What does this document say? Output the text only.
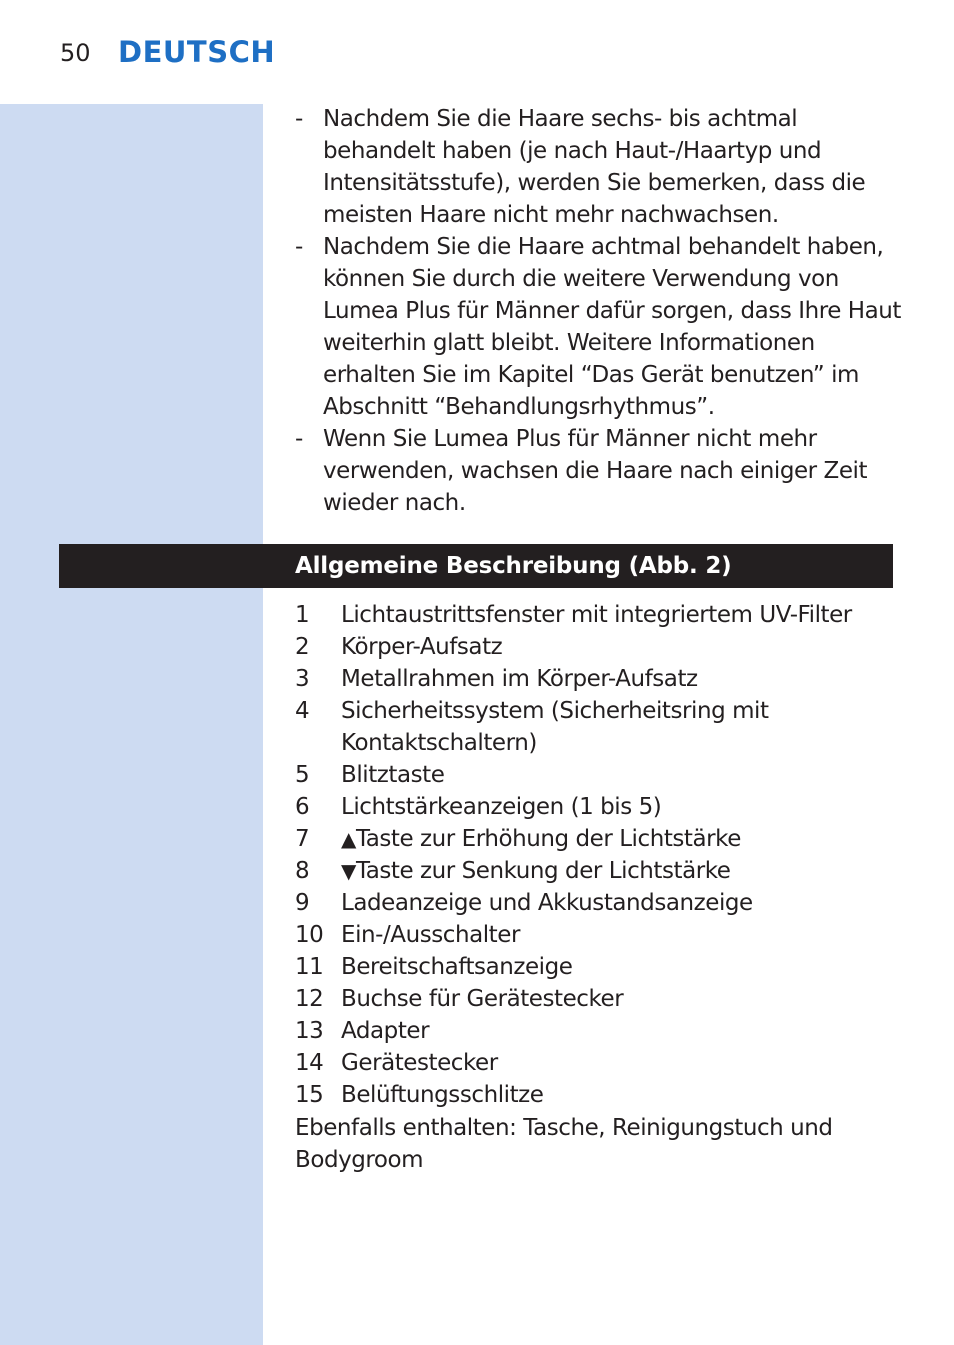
50 DEUTSCH
- Nachdem Sie die Haare sechs- bis achtmal behandelt haben (je nach Haut-/Haartyp und Intensitätsstufe), werden Sie bemerken, dass die meisten Haare nicht mehr nachwachsen.
- Nachdem Sie die Haare achtmal behandelt haben, können Sie durch die weitere Verwendung von Lumea Plus für Männer dafür sorgen, dass Ihre Haut weiterhin glatt bleibt. Weitere Informationen erhalten Sie im Kapitel “Das Gerät benutzen” im Abschnitt “Behandlungsrhythmus”.
- Wenn Sie Lumea Plus für Männer nicht mehr verwenden, wachsen die Haare nach einiger Zeit wieder nach.
Allgemeine Beschreibung (Abb. 2)
1 Lichtaustrittsfenster mit integriertem UV-Filter
2 Körper-Aufsatz
3 Metallrahmen im Körper-Aufsatz
4 Sicherheitssystem (Sicherheitsring mit Kontaktschaltern)
5 Blitztaste
6 Lichtstärkeanzeigen (1 bis 5)
7 ▲Taste zur Erhöhung der Lichtstärke
8 ▼Taste zur Senkung der Lichtstärke
9 Ladeanzeige und Akkustandsanzeige
10 Ein-/Ausschalter
11 Bereitschaftsanzeige
12 Buchse für Gerätestecker
13 Adapter
14 Gerätestecker
15 Belüftungsschlitze

Ebenfalls enthalten: Tasche, Reinigungstuch und Bodygroom
